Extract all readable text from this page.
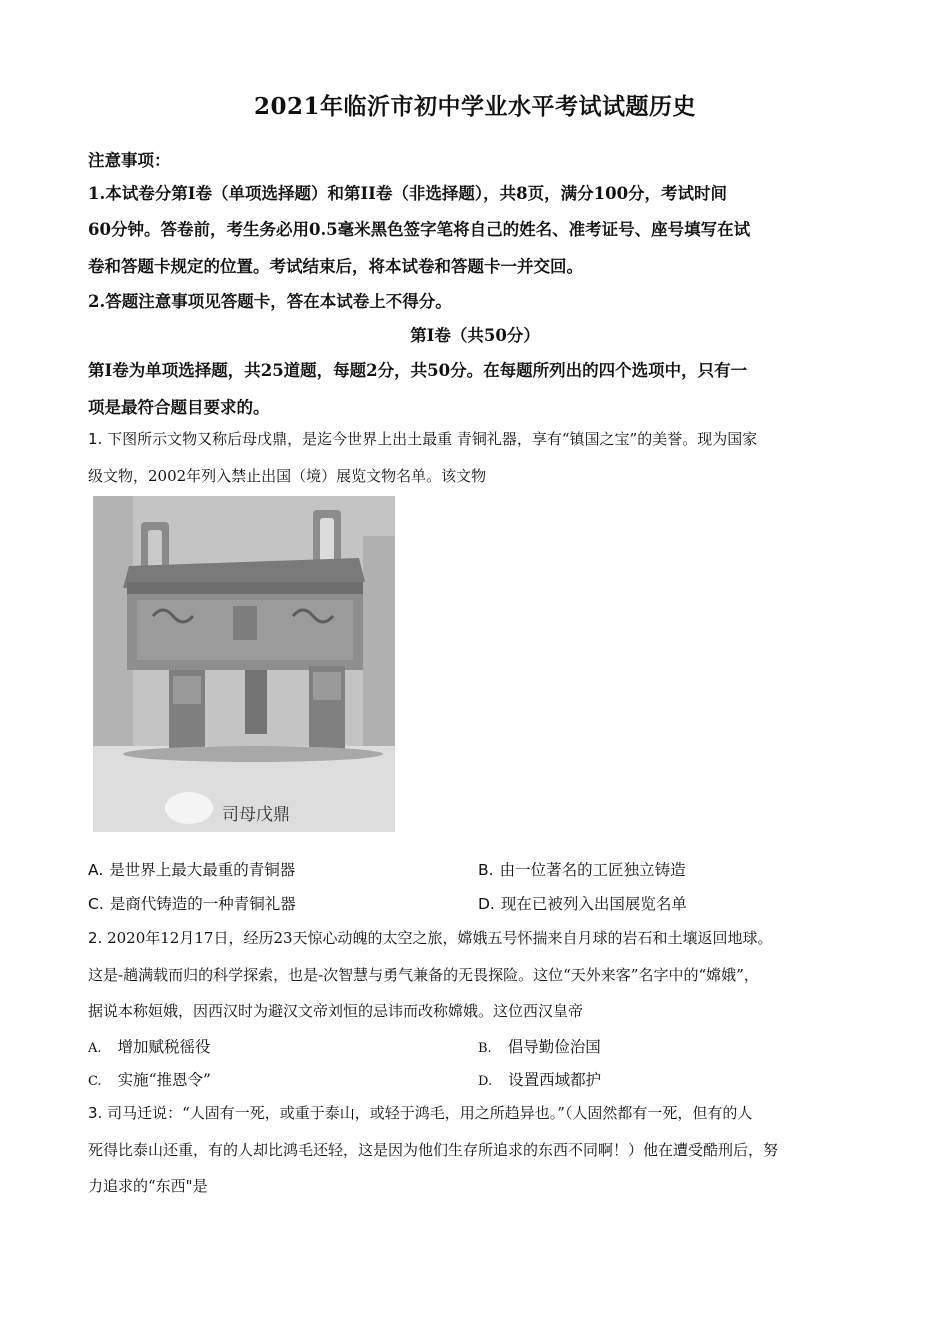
2021年临沂市初中学业水平考试试题历史
注意事项：
1.本试卷分第Ⅰ卷（单项选择题）和第II卷（非选择题），共8页，满分100分，考试时间
60分钟。答卷前，考生务必用0.5毫米黑色签字笔将自己的姓名、准考证号、座号填写在试
卷和答题卡规定的位置。考试结束后，将本试卷和答题卡一并交回。
2.答题注意事项见答题卡，答在本试卷上不得分。
第Ⅰ卷（共50分）
第Ⅰ卷为单项选择题，共25道题，每题2分，共50分。在每题所列出的四个选项中，只有一
项是最符合题目要求的。
1. 下图所示文物又称后母戊鼎，是迄今世界上出土最重 青铜礼器，享有“镇国之宝”的美誉。现为国家
级文物，2002年列入禁止出国（境）展览文物名单。该文物
司母戊鼎
A. 是世界上最大最重的青铜器	B. 由一位著名的工匠独立铸造
C. 是商代铸造的一种青铜礼器	D. 现在已被列入出国展览名单
2. 2020年12月17日，经历23天惊心动魄的太空之旅，嫦娥五号怀揣来自月球的岩石和土壤返回地球。
这是-趟满载而归的科学探索，也是-次智慧与勇气兼备的无畏探险。这位“天外来客”名字中的“嫦娥”，
据说本称姮娥，因西汉时为避汉文帝刘恒的忌讳而改称嫦娥。这位西汉皇帝
A. 增加赋税徭役	B. 倡导勤俭治国
C. 实施“推恩令”	D. 设置西域都护
3. 司马迁说：“人固有一死，或重于泰山，或轻于鸿毛，用之所趋异也。”（人固然都有一死，但有的人
死得比泰山还重，有的人却比鸿毛还轻，这是因为他们生存所追求的东西不同啊！）他在遭受酷刑后，努
力追求的“东西"是
